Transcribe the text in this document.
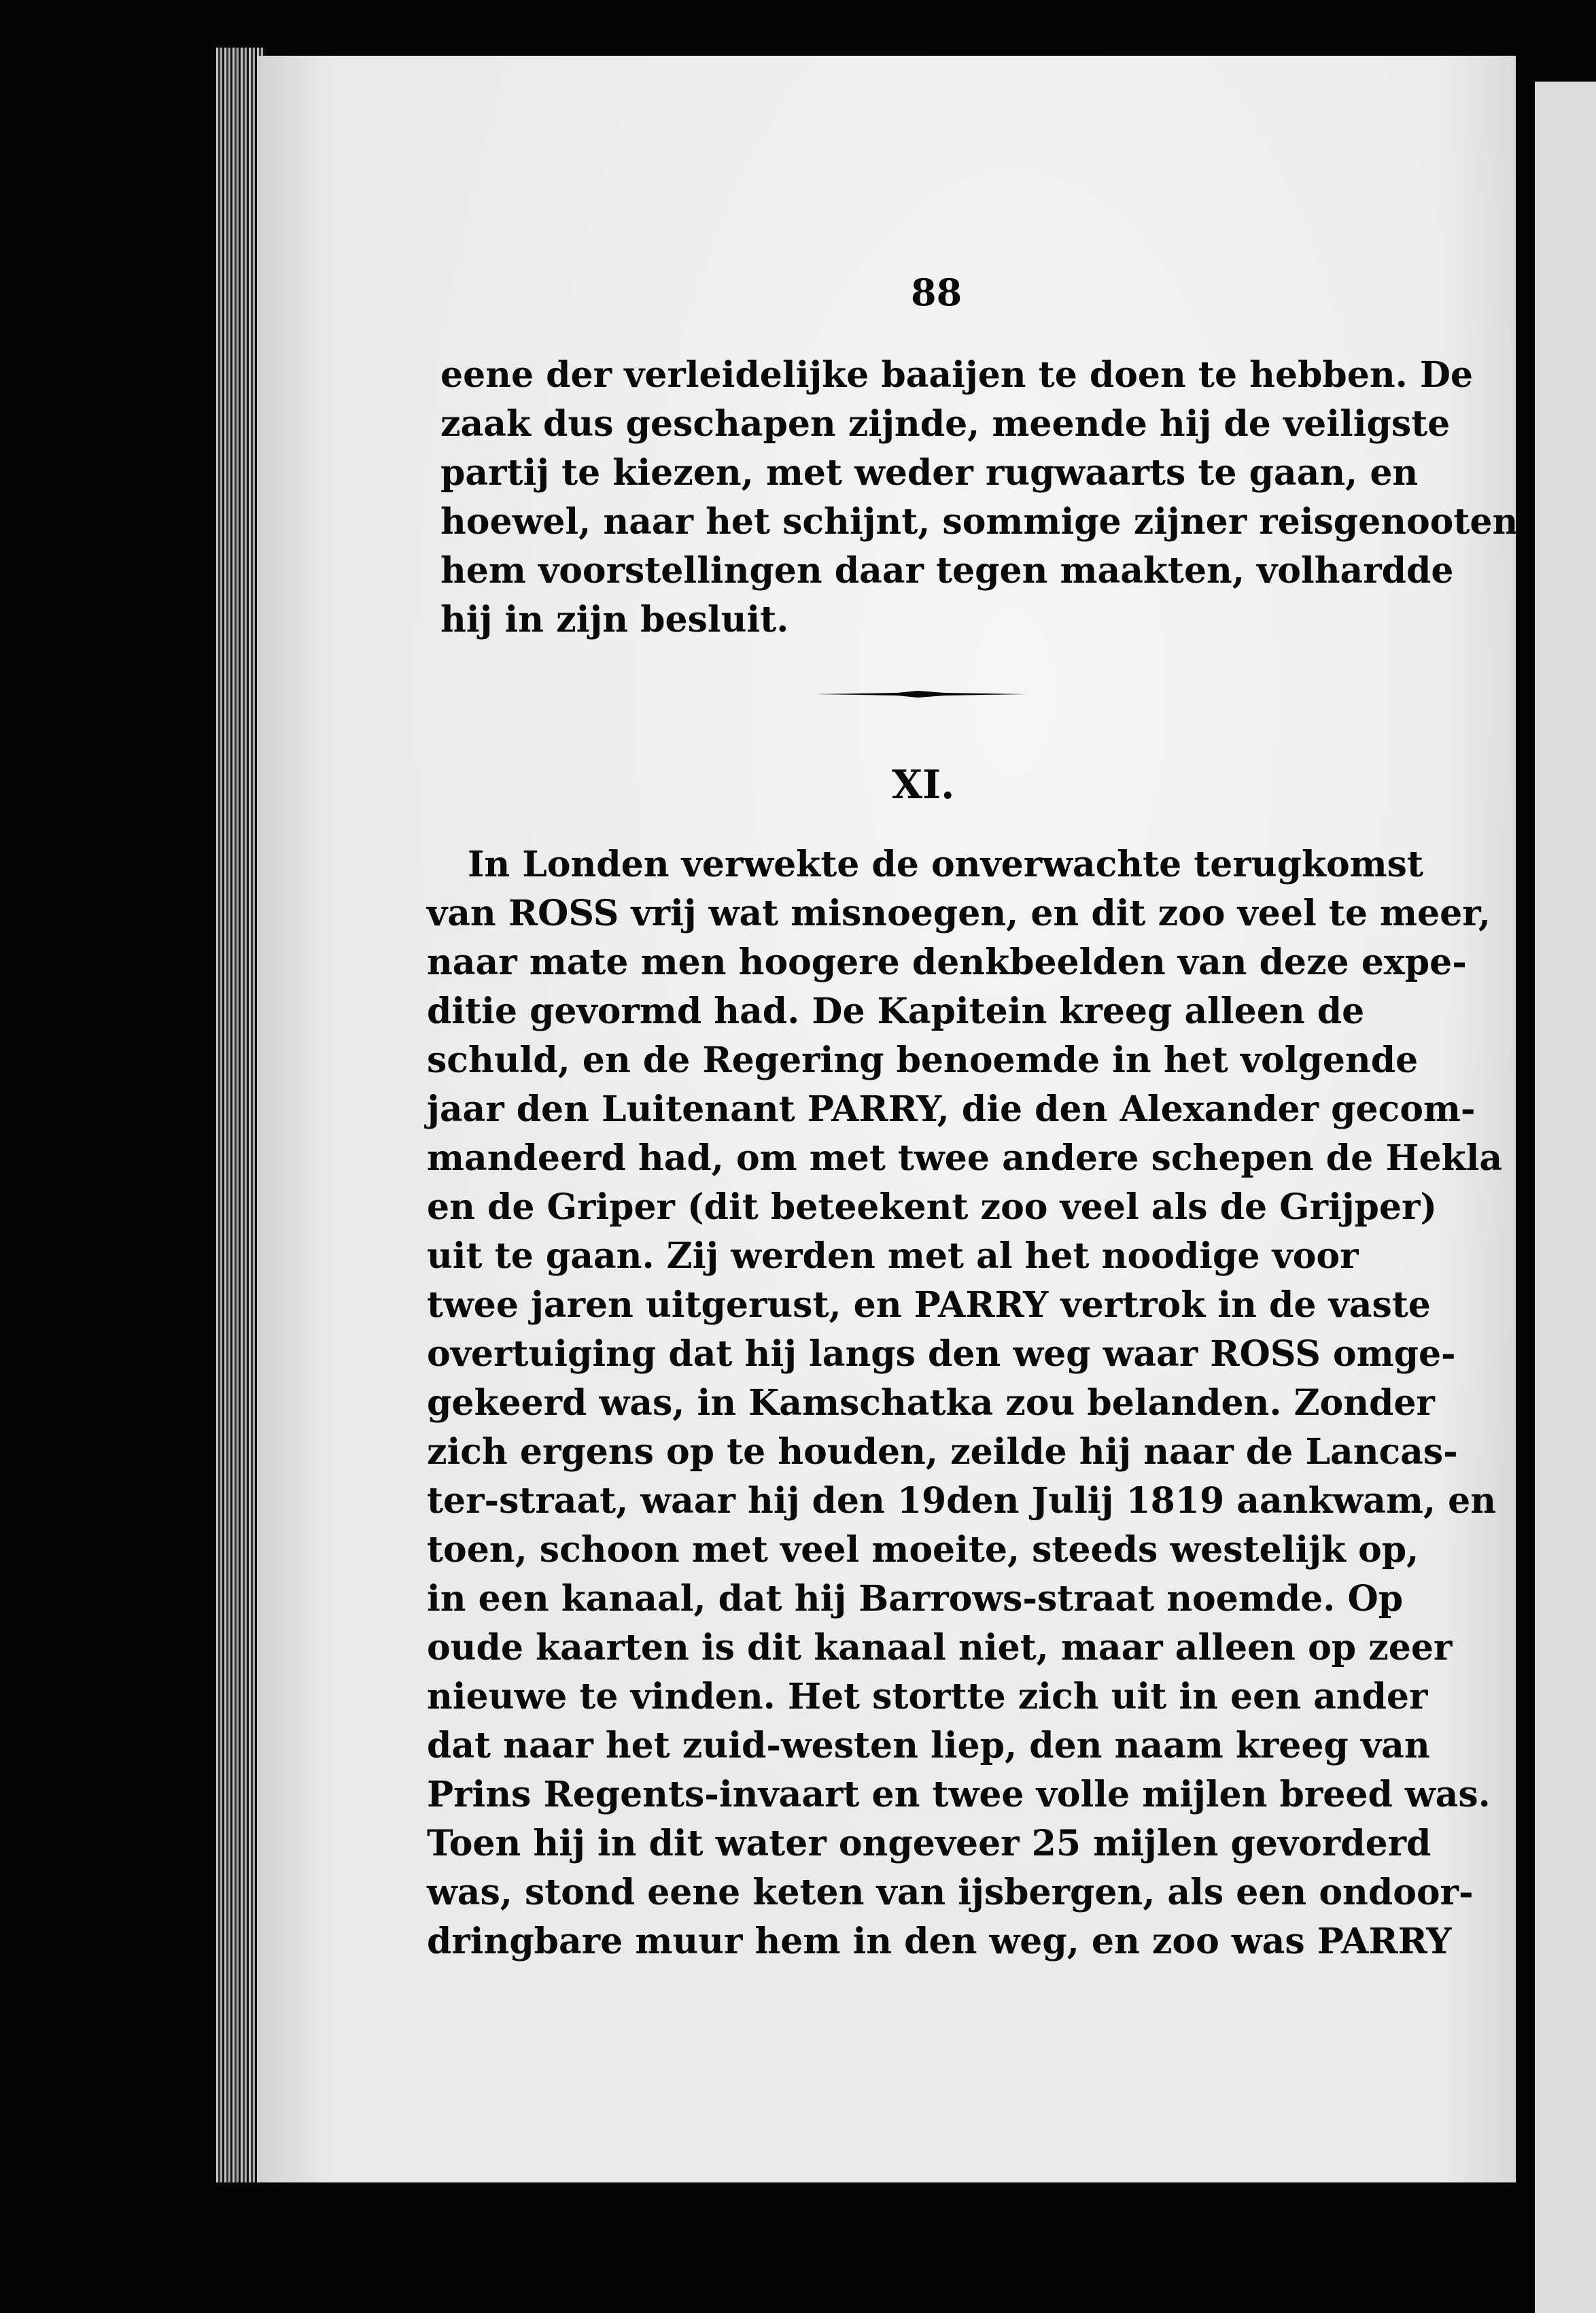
88
eene der verleidelijke baaijen te doen te hebben. De
zaak dus geschapen zijnde, meende hij de veiligste
partij te kiezen, met weder rugwaarts te gaan, en
hoewel, naar het schijnt, sommige zijner reisgenooten
hem voorstellingen daar tegen maakten, volhardde
hij in zijn besluit.
XI.
In Londen verwekte de onverwachte terugkomst
van ROSS vrij wat misnoegen, en dit zoo veel te meer,
naar mate men hoogere denkbeelden van deze expe-
ditie gevormd had. De Kapitein kreeg alleen de
schuld, en de Regering benoemde in het volgende
jaar den Luitenant PARRY, die den Alexander gecom-
mandeerd had, om met twee andere schepen de Hekla
en de Griper (dit beteekent zoo veel als de Grijper)
uit te gaan. Zij werden met al het noodige voor
twee jaren uitgerust, en PARRY vertrok in de vaste
overtuiging dat hij langs den weg waar ROSS omge-
gekeerd was, in Kamschatka zou belanden. Zonder
zich ergens op te houden, zeilde hij naar de Lancas-
ter-straat, waar hij den 19den Julij 1819 aankwam, en
toen, schoon met veel moeite, steeds westelijk op,
in een kanaal, dat hij Barrows-straat noemde. Op
oude kaarten is dit kanaal niet, maar alleen op zeer
nieuwe te vinden. Het stortte zich uit in een ander
dat naar het zuid-westen liep, den naam kreeg van
Prins Regents-invaart en twee volle mijlen breed was.
Toen hij in dit water ongeveer 25 mijlen gevorderd
was, stond eene keten van ijsbergen, als een ondoor-
dringbare muur hem in den weg, en zoo was PARRY
